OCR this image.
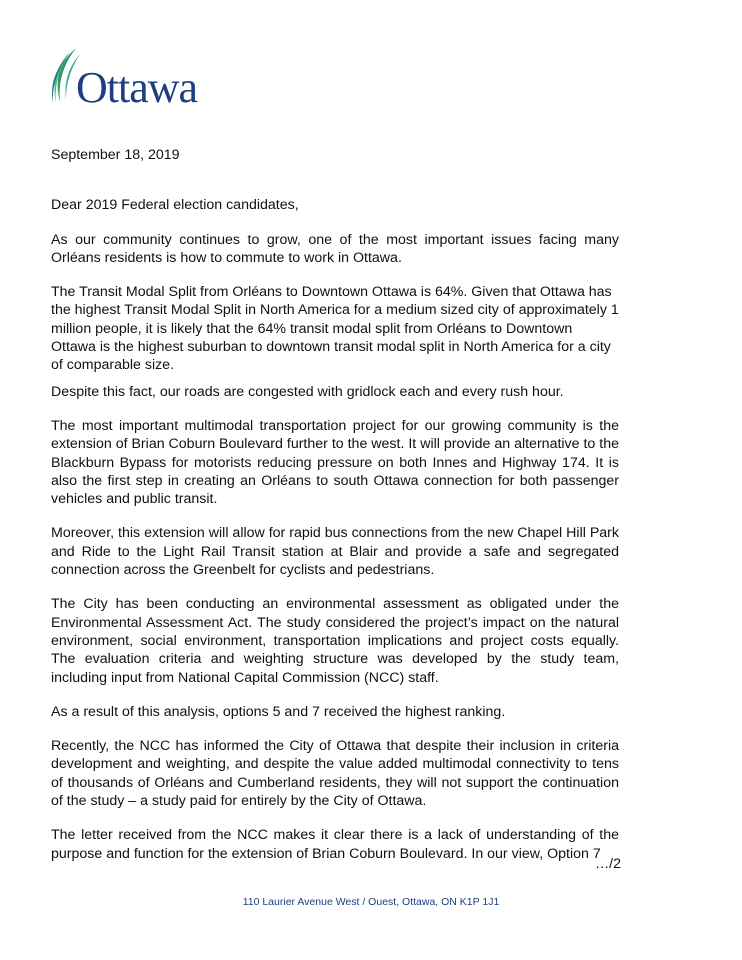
Ottawa

September 18, 2019

Dear 2019 Federal election candidates,

As our community continues to grow, one of the most important issues facing many Orléans residents is how to commute to work in Ottawa.

The Transit Modal Split from Orléans to Downtown Ottawa is 64%. Given that Ottawa has the highest Transit Modal Split in North America for a medium sized city of approximately 1 million people, it is likely that the 64% transit modal split from Orléans to Downtown Ottawa is the highest suburban to downtown transit modal split in North America for a city of comparable size.

Despite this fact, our roads are congested with gridlock each and every rush hour.

The most important multimodal transportation project for our growing community is the extension of Brian Coburn Boulevard further to the west. It will provide an alternative to the Blackburn Bypass for motorists reducing pressure on both Innes and Highway 174. It is also the first step in creating an Orléans to south Ottawa connection for both passenger vehicles and public transit.

Moreover, this extension will allow for rapid bus connections from the new Chapel Hill Park and Ride to the Light Rail Transit station at Blair and provide a safe and segregated connection across the Greenbelt for cyclists and pedestrians.

The City has been conducting an environmental assessment as obligated under the Environmental Assessment Act. The study considered the project’s impact on the natural environment, social environment, transportation implications and project costs equally. The evaluation criteria and weighting structure was developed by the study team, including input from National Capital Commission (NCC) staff.

As a result of this analysis, options 5 and 7 received the highest ranking.

Recently, the NCC has informed the City of Ottawa that despite their inclusion in criteria development and weighting, and despite the value added multimodal connectivity to tens of thousands of Orléans and Cumberland residents, they will not support the continuation of the study – a study paid for entirely by the City of Ottawa.

The letter received from the NCC makes it clear there is a lack of understanding of the purpose and function for the extension of Brian Coburn Boulevard. In our view, Option 7

…/2
110 Laurier Avenue West / Ouest, Ottawa, ON K1P 1J1
